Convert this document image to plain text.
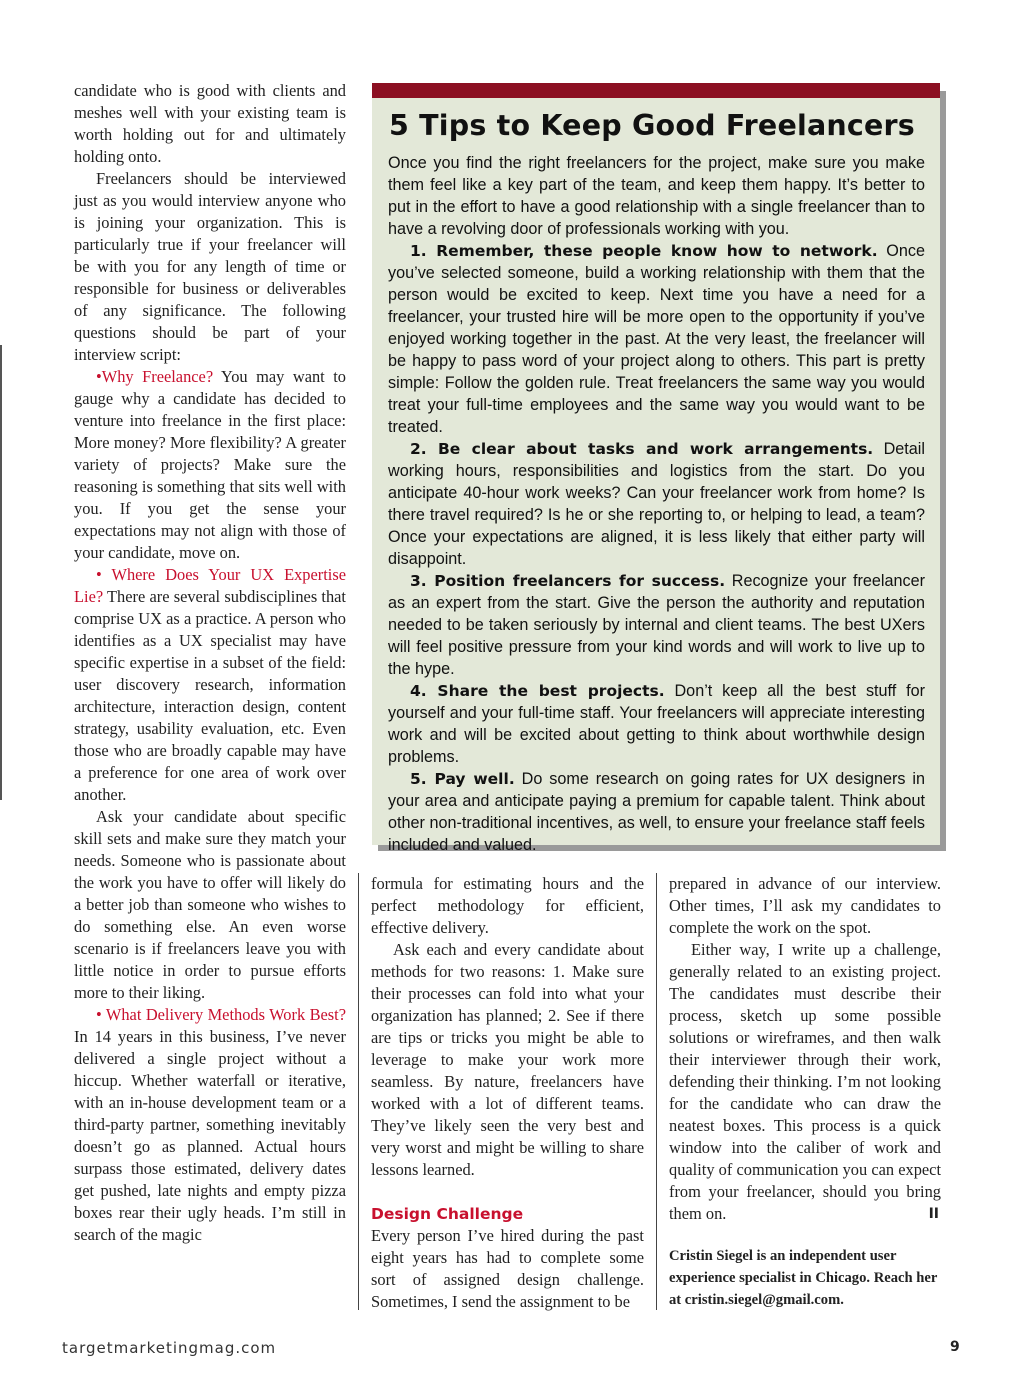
candidate who is good with clients and meshes well with your existing team is worth holding out for and ultimately holding onto.

Freelancers should be interviewed just as you would interview anyone who is joining your organization. This is particularly true if your freelancer will be with you for any length of time or responsible for business or deliverables of any significance. The following questions should be part of your interview script:

•Why Freelance? You may want to gauge why a candidate has decided to venture into freelance in the first place: More money? More flexibility? A greater variety of projects? Make sure the reasoning is something that sits well with you. If you get the sense your expectations may not align with those of your candidate, move on.

• Where Does Your UX Expertise Lie? There are several subdisciplines that comprise UX as a practice. A person who identifies as a UX specialist may have specific expertise in a subset of the field: user discovery research, information architecture, interaction design, content strategy, usability evaluation, etc. Even those who are broadly capable may have a preference for one area of work over another.

Ask your candidate about specific skill sets and make sure they match your needs. Someone who is passionate about the work you have to offer will likely do a better job than someone who wishes to do something else. An even worse scenario is if freelancers leave you with little notice in order to pursue efforts more to their liking.

• What Delivery Methods Work Best? In 14 years in this business, I’ve never delivered a single project without a hiccup. Whether waterfall or iterative, with an in-house development team or a third-party partner, something inevitably doesn’t go as planned. Actual hours surpass those estimated, delivery dates get pushed, late nights and empty pizza boxes rear their ugly heads. I’m still in search of the magic

5 Tips to Keep Good Freelancers

Once you find the right freelancers for the project, make sure you make them feel like a key part of the team, and keep them happy. It’s better to put in the effort to have a good relationship with a single freelancer than to have a revolving door of professionals working with you.

1. Remember, these people know how to network. Once you’ve selected someone, build a working relationship with them that the person would be excited to keep. Next time you have a need for a freelancer, your trusted hire will be more open to the opportunity if you’ve enjoyed working together in the past. At the very least, the freelancer will be happy to pass word of your project along to others. This part is pretty simple: Follow the golden rule. Treat freelancers the same way you would treat your full-time employees and the same way you would want to be treated.

2. Be clear about tasks and work arrangements. Detail working hours, responsibilities and logistics from the start. Do you anticipate 40-hour work weeks? Can your freelancer work from home? Is there travel required? Is he or she reporting to, or helping to lead, a team? Once your expectations are aligned, it is less likely that either party will disappoint.

3. Position freelancers for success. Recognize your freelancer as an expert from the start. Give the person the authority and reputation needed to be taken seriously by internal and client teams. The best UXers will feel positive pressure from your kind words and will work to live up to the hype.

4. Share the best projects. Don’t keep all the best stuff for yourself and your full-time staff. Your freelancers will appreciate interesting work and will be excited about getting to think about worthwhile design problems.

5. Pay well. Do some research on going rates for UX designers in your area and anticipate paying a premium for capable talent. Think about other non-traditional incentives, as well, to ensure your freelance staff feels included and valued.

formula for estimating hours and the perfect methodology for efficient, effective delivery.

Ask each and every candidate about methods for two reasons: 1. Make sure their processes can fold into what your organization has planned; 2. See if there are tips or tricks you might be able to leverage to make your work more seamless. By nature, freelancers have worked with a lot of different teams. They’ve likely seen the very best and very worst and might be willing to share lessons learned.

Design Challenge

Every person I’ve hired during the past eight years has had to complete some sort of assigned design challenge. Sometimes, I send the assignment to be

prepared in advance of our interview. Other times, I’ll ask my candidates to complete the work on the spot.

Either way, I write up a challenge, generally related to an existing project. The candidates must describe their process, sketch up some possible solutions or wireframes, and then walk their interviewer through their work, defending their thinking. I’m not looking for the candidate who can draw the neatest boxes. This process is a quick window into the caliber of work and quality of communication you can expect from your freelancer, should you bring them on.	II

Cristin Siegel is an independent user experience specialist in Chicago. Reach her at cristin.siegel@gmail.com.

targetmarketingmag.com	9
